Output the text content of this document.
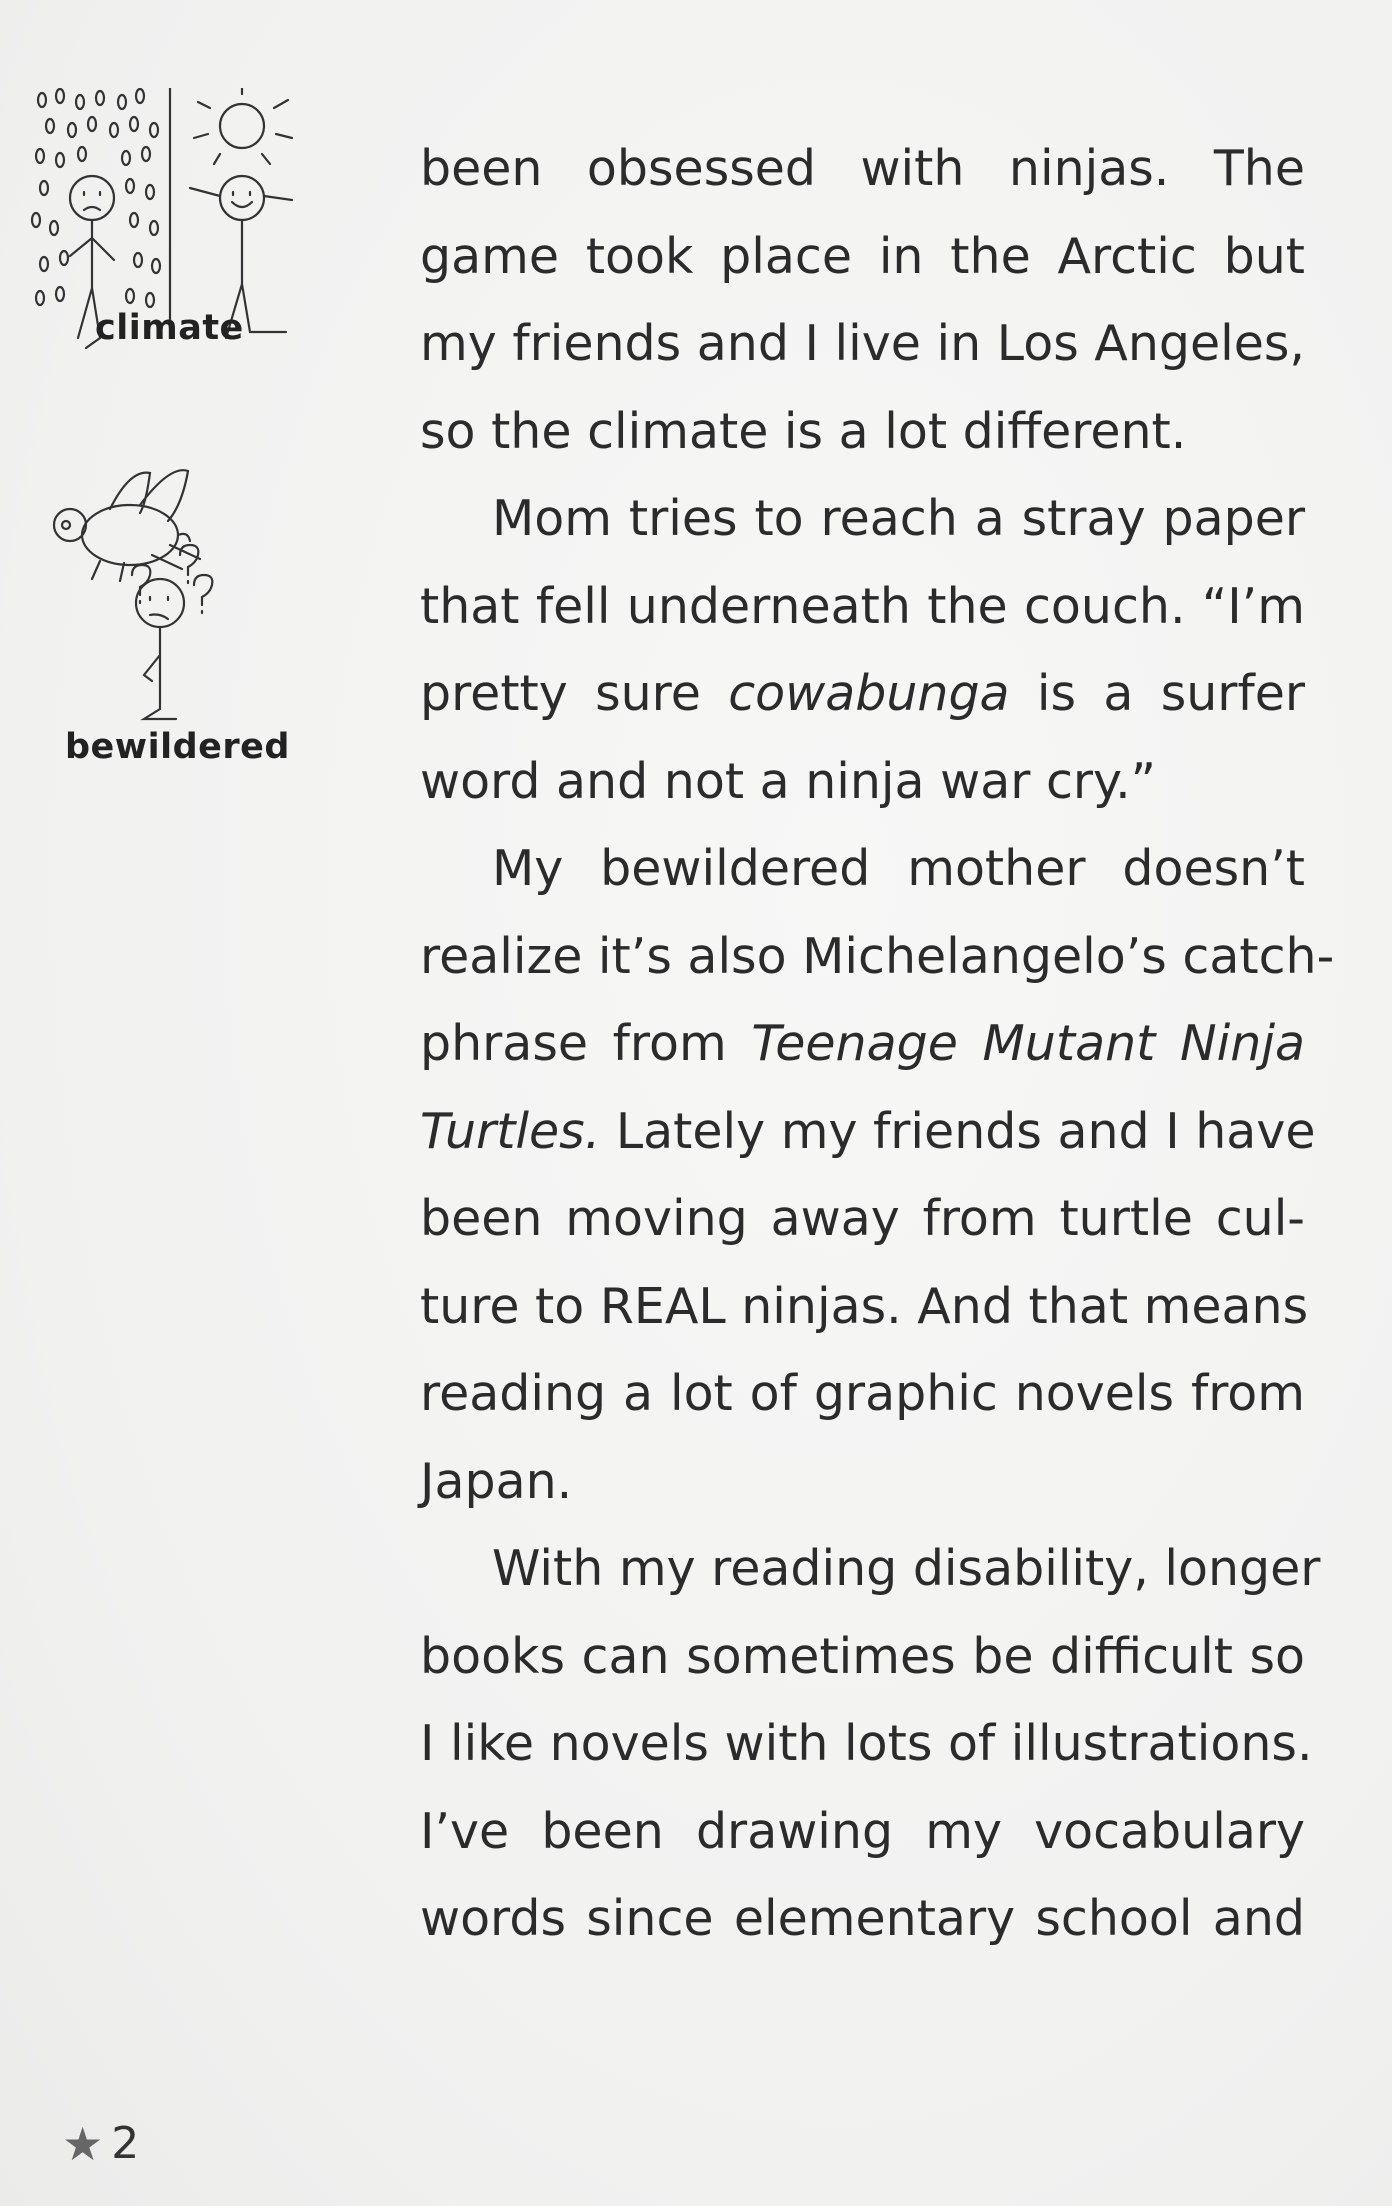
climate
bewildered
been obsessed with ninjas. The
game took place in the Arctic but
my friends and I live in Los Angeles,
so the climate is a lot different.
Mom tries to reach a stray paper
that fell underneath the couch. “I’m
pretty sure cowabunga is a surfer
word and not a ninja war cry.”
My bewildered mother doesn’t
realize it’s also Michelangelo’s catch-
phrase from Teenage Mutant Ninja
Turtles. Lately my friends and I have
been moving away from turtle cul-
ture to REAL ninjas. And that means
reading a lot of graphic novels from
Japan.
With my reading disability, longer
books can sometimes be difficult so
I like novels with lots of illustrations.
I’ve been drawing my vocabulary
words since elementary school and
★ 2
